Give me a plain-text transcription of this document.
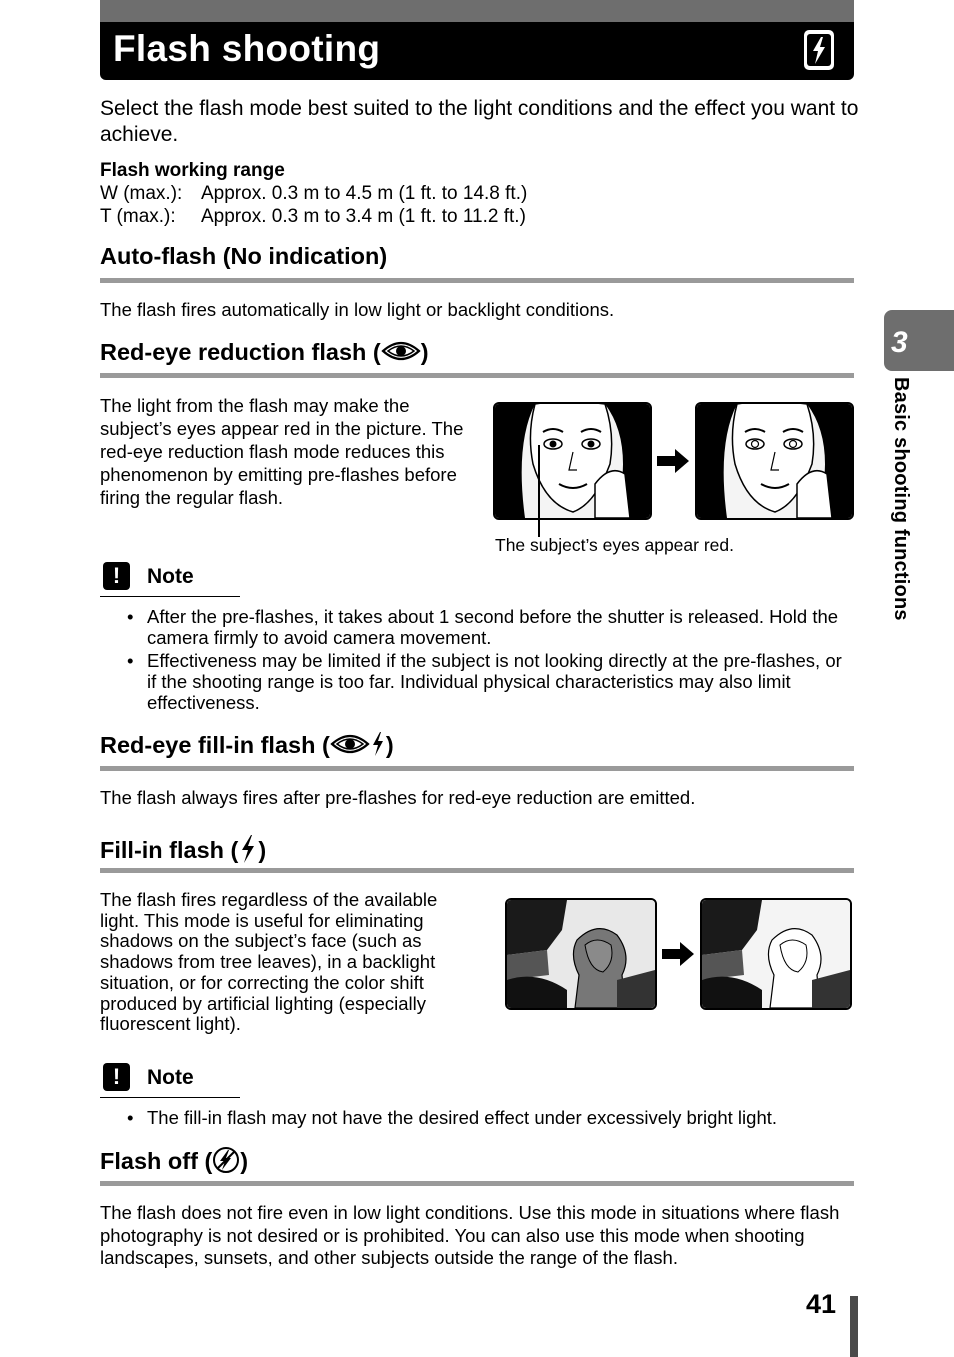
Flash shooting

Select the flash mode best suited to the light conditions and the effect you want to achieve.

Flash working range
W (max.): Approx. 0.3 m to 4.5 m (1 ft. to 14.8 ft.)
T (max.): Approx. 0.3 m to 3.4 m (1 ft. to 11.2 ft.)
Auto-flash (No indication)

The flash fires automatically in low light or backlight conditions.

Red-eye reduction flash ( )

The light from the flash may make the subject’s eyes appear red in the picture. The red-eye reduction flash mode reduces this phenomenon by emitting pre-flashes before firing the regular flash.

The subject’s eyes appear red.
!	Note
• After the pre-flashes, it takes about 1 second before the shutter is released. Hold the camera firmly to avoid camera movement.
• Effectiveness may be limited if the subject is not looking directly at the pre-flashes, or if the shooting range is too far. Individual physical characteristics may also limit effectiveness.
Red-eye fill-in flash ( )

The flash always fires after pre-flashes for red-eye reduction are emitted.

Fill-in flash ( )

The flash fires regardless of the available light. This mode is useful for eliminating shadows on the subject’s face (such as shadows from tree leaves), in a backlight situation, or for correcting the color shift produced by artificial lighting (especially fluorescent light).

!	Note
• The fill-in flash may not have the desired effect under excessively bright light.
Flash off ( )

The flash does not fire even in low light conditions. Use this mode in situations where flash photography is not desired or is prohibited. You can also use this mode when shooting landscapes, sunsets, and other subjects outside the range of the flash.

3
Basic shooting functions
41
